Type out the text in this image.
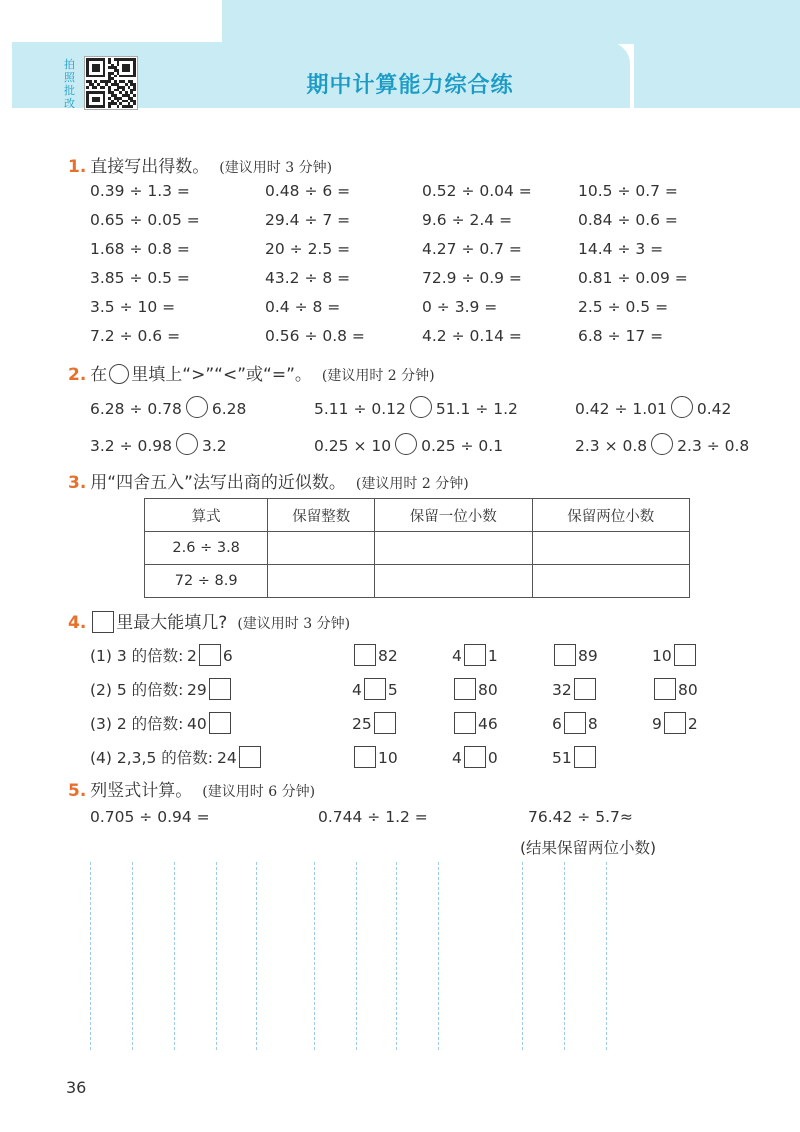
拍照批改
期中计算能力综合练
1. 直接写出得数。 (建议用时 3 分钟)
0.39 ÷ 1.3 =	0.48 ÷ 6 =	0.52 ÷ 0.04 =	10.5 ÷ 0.7 =
0.65 ÷ 0.05 =	29.4 ÷ 7 =	9.6 ÷ 2.4 =	0.84 ÷ 0.6 =
1.68 ÷ 0.8 =	20 ÷ 2.5 =	4.27 ÷ 0.7 =	14.4 ÷ 3 =
3.85 ÷ 0.5 =	43.2 ÷ 8 =	72.9 ÷ 0.9 =	0.81 ÷ 0.09 =
3.5 ÷ 10 =	0.4 ÷ 8 =	0 ÷ 3.9 =	2.5 ÷ 0.5 =
7.2 ÷ 0.6 =	0.56 ÷ 0.8 =	4.2 ÷ 0.14 =	6.8 ÷ 17 =
2. 在 里填上“>”“<”或“=”。 (建议用时 2 分钟)
6.28 ÷ 0.78 6.28	5.11 ÷ 0.12 51.1 ÷ 1.2	0.42 ÷ 1.01 0.42
3.2 ÷ 0.98 3.2	0.25 × 10 0.25 ÷ 0.1	2.3 × 0.8 2.3 ÷ 0.8
3. 用“四舍五入”法写出商的近似数。 (建议用时 2 分钟)
算式	保留整数	保留一位小数	保留两位小数
2.6 ÷ 3.8			
72 ÷ 8.9			
4. 里最大能填几? (建议用时 3 分钟)
(1) 3 的倍数: 2 6	82	4 1	89	10
(2) 5 的倍数: 29	4 5	80	32	80
(3) 2 的倍数: 40	25	46	6 8	9 2
(4) 2,3,5 的倍数: 24	10	4 0	51
5. 列竖式计算。 (建议用时 6 分钟)
0.705 ÷ 0.94 =	0.744 ÷ 1.2 =	76.42 ÷ 5.7≈
(结果保留两位小数)
36
